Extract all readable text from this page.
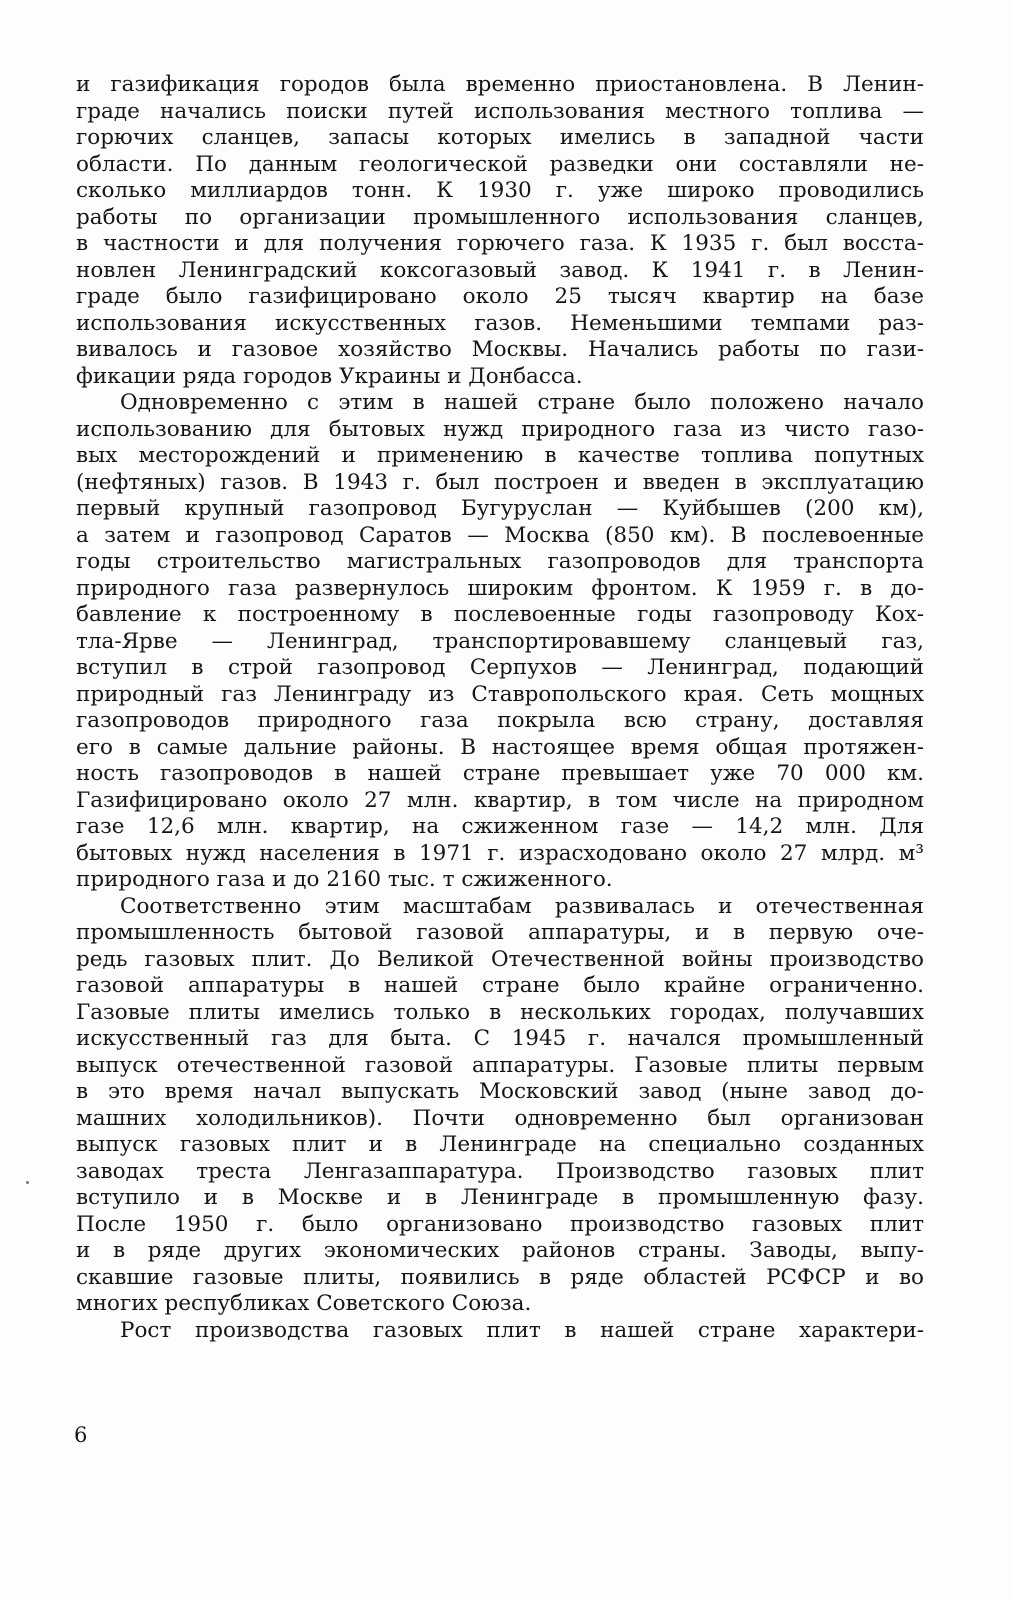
и газификация городов была временно приостановлена. В Ленин-
граде начались поиски путей использования местного топлива —
горючих сланцев, запасы которых имелись в западной части
области. По данным геологической разведки они составляли не-
сколько миллиардов тонн. К 1930 г. уже широко проводились
работы по организации промышленного использования сланцев,
в частности и для получения горючего газа. К 1935 г. был восста-
новлен Ленинградский коксогазовый завод. К 1941 г. в Ленин-
граде было газифицировано около 25 тысяч квартир на базе
использования искусственных газов. Неменьшими темпами раз-
вивалось и газовое хозяйство Москвы. Начались работы по гази-
фикации ряда городов Украины и Донбасса.
Одновременно с этим в нашей стране было положено начало
использованию для бытовых нужд природного газа из чисто газо-
вых месторождений и применению в качестве топлива попутных
(нефтяных) газов. В 1943 г. был построен и введен в эксплуатацию
первый крупный газопровод Бугуруслан — Куйбышев (200 км),
а затем и газопровод Саратов — Москва (850 км). В послевоенные
годы строительство магистральных газопроводов для транспорта
природного газа развернулось широким фронтом. К 1959 г. в до-
бавление к построенному в послевоенные годы газопроводу Кох-
тла-Ярве — Ленинград, транспортировавшему сланцевый газ,
вступил в строй газопровод Серпухов — Ленинград, подающий
природный газ Ленинграду из Ставропольского края. Сеть мощных
газопроводов природного газа покрыла всю страну, доставляя
его в самые дальние районы. В настоящее время общая протяжен-
ность газопроводов в нашей стране превышает уже 70 000 км.
Газифицировано около 27 млн. квартир, в том числе на природном
газе 12,6 млн. квартир, на сжиженном газе — 14,2 млн. Для
бытовых нужд населения в 1971 г. израсходовано около 27 млрд. м³
природного газа и до 2160 тыс. т сжиженного.
Соответственно этим масштабам развивалась и отечественная
промышленность бытовой газовой аппаратуры, и в первую оче-
редь газовых плит. До Великой Отечественной войны производство
газовой аппаратуры в нашей стране было крайне ограниченно.
Газовые плиты имелись только в нескольких городах, получавших
искусственный газ для быта. С 1945 г. начался промышленный
выпуск отечественной газовой аппаратуры. Газовые плиты первым
в это время начал выпускать Московский завод (ныне завод до-
машних холодильников). Почти одновременно был организован
выпуск газовых плит и в Ленинграде на специально созданных
заводах треста Ленгазаппаратура. Производство газовых плит
вступило и в Москве и в Ленинграде в промышленную фазу.
После 1950 г. было организовано производство газовых плит
и в ряде других экономических районов страны. Заводы, выпу-
скавшие газовые плиты, появились в ряде областей РСФСР и во
многих республиках Советского Союза.
Рост производства газовых плит в нашей стране характери-
6
